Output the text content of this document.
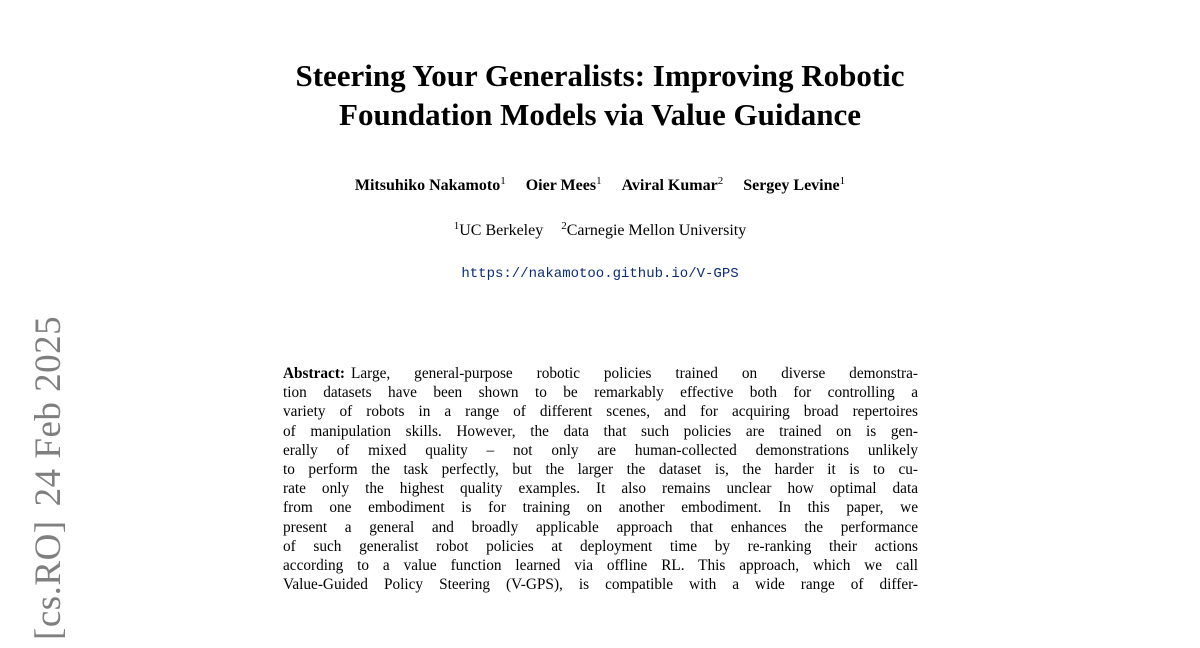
[cs.RO]24 Feb 2025
Steering Your Generalists: Improving Robotic
Foundation Models via Value Guidance
Mitsuhiko Nakamoto$^1$ Oier Mees$^1$ Aviral Kumar$^2$ Sergey Levine$^1$
$^1$UC Berkeley $^2$Carnegie Mellon University
https://nakamotoo.github.io/V-GPS
Abstract: Large, general-purpose robotic policies trained on diverse demonstra-
tion datasets have been shown to be remarkably effective both for controlling a
variety of robots in a range of different scenes, and for acquiring broad repertoires
of manipulation skills. However, the data that such policies are trained on is gen-
erally of mixed quality – not only are human-collected demonstrations unlikely
to perform the task perfectly, but the larger the dataset is, the harder it is to cu-
rate only the highest quality examples. It also remains unclear how optimal data
from one embodiment is for training on another embodiment. In this paper, we
present a general and broadly applicable approach that enhances the performance
of such generalist robot policies at deployment time by re-ranking their actions
according to a value function learned via offline RL. This approach, which we call
Value-Guided Policy Steering (V-GPS), is compatible with a wide range of differ-
